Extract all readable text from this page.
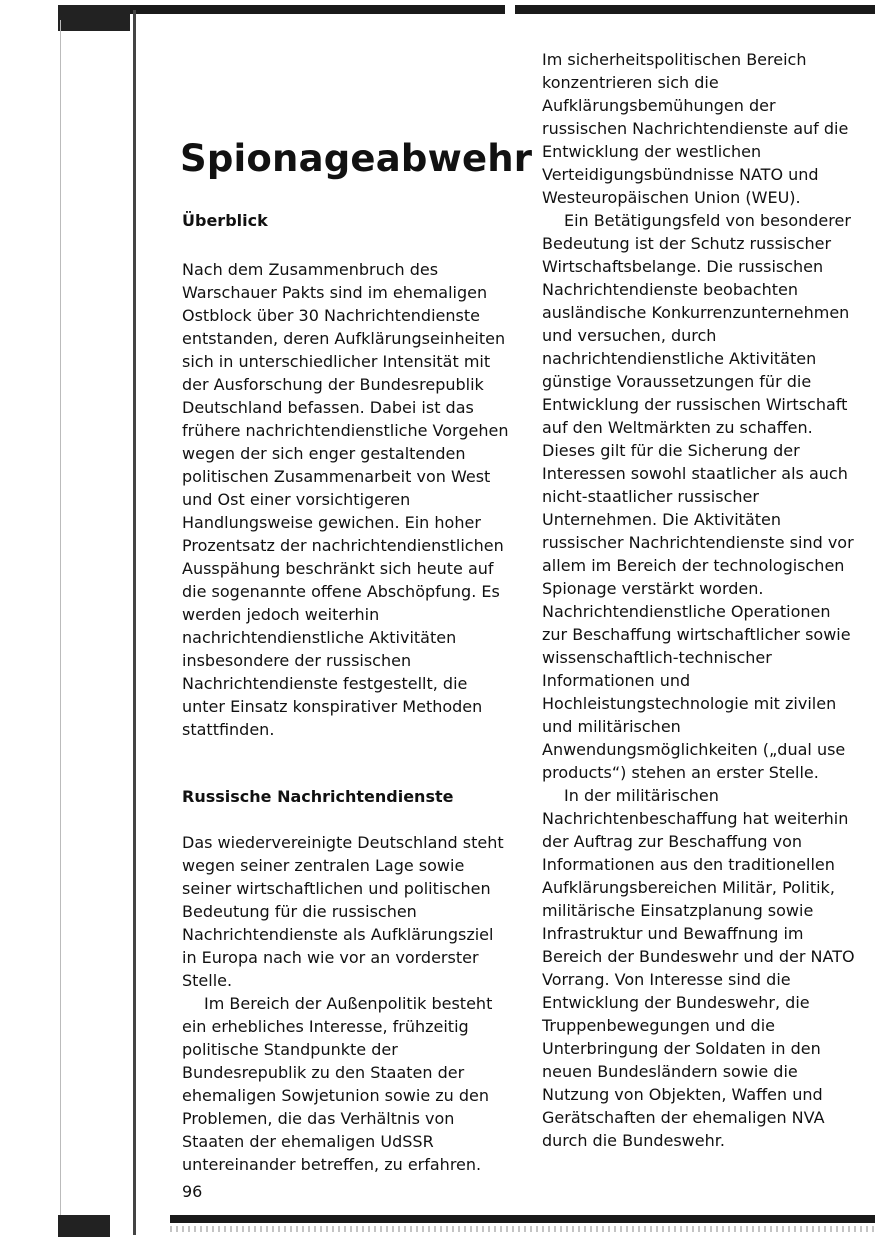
Spionageabwehr
Überblick

Nach dem Zusammenbruch des Warschauer Pakts sind im ehemaligen Ostblock über 30 Nachrichtendienste entstanden, deren Aufklärungseinheiten sich in unterschiedlicher Intensität mit der Ausforschung der Bundesrepublik Deutschland befassen. Dabei ist das frühere nachrichtendienstliche Vorgehen wegen der sich enger gestaltenden politischen Zusammenarbeit von West und Ost einer vorsichtigeren Handlungsweise gewichen. Ein hoher Prozentsatz der nachrichtendienstlichen Ausspähung beschränkt sich heute auf die sogenannte offene Abschöpfung. Es werden jedoch weiterhin nachrichtendienstliche Aktivitäten insbesondere der russischen Nachrichtendienste festgestellt, die unter Einsatz konspirativer Methoden stattfinden.

Russische Nachrichtendienste

Das wiedervereinigte Deutschland steht wegen seiner zentralen Lage sowie seiner wirtschaftlichen und politischen Bedeutung für die russischen Nachrichtendienste als Aufklärungsziel in Europa nach wie vor an vorderster Stelle.

Im Bereich der Außenpolitik besteht ein erhebliches Interesse, frühzeitig politische Standpunkte der Bundesrepublik zu den Staaten der ehemaligen Sowjetunion sowie zu den Problemen, die das Verhältnis von Staaten der ehemaligen UdSSR untereinander betreffen, zu erfahren.

Im sicherheitspolitischen Bereich konzentrieren sich die Aufklärungsbemühungen der russischen Nachrichtendienste auf die Entwicklung der westlichen Verteidigungsbündnisse NATO und Westeuropäischen Union (WEU).

Ein Betätigungsfeld von besonderer Bedeutung ist der Schutz russischer Wirtschaftsbelange. Die russischen Nachrichtendienste beobachten ausländische Konkurrenzunternehmen und versuchen, durch nachrichtendienstliche Aktivitäten günstige Voraussetzungen für die Entwicklung der russischen Wirtschaft auf den Weltmärkten zu schaffen. Dieses gilt für die Sicherung der Interessen sowohl staatlicher als auch nicht-staatlicher russischer Unternehmen. Die Aktivitäten russischer Nachrichtendienste sind vor allem im Bereich der technologischen Spionage verstärkt worden. Nachrichtendienstliche Operationen zur Beschaffung wirtschaftlicher sowie wissenschaftlich-technischer Informationen und Hochleistungstechnologie mit zivilen und militärischen Anwendungsmöglichkeiten („dual use products“) stehen an erster Stelle.

In der militärischen Nachrichtenbeschaffung hat weiterhin der Auftrag zur Beschaffung von Informationen aus den traditionellen Aufklärungsbereichen Militär, Politik, militärische Einsatzplanung sowie Infrastruktur und Bewaffnung im Bereich der Bundeswehr und der NATO Vorrang. Von Interesse sind die Entwicklung der Bundeswehr, die Truppenbewegungen und die Unterbringung der Soldaten in den neuen Bundesländern sowie die Nutzung von Objekten, Waffen und Gerätschaften der ehemaligen NVA durch die Bundeswehr.

96
